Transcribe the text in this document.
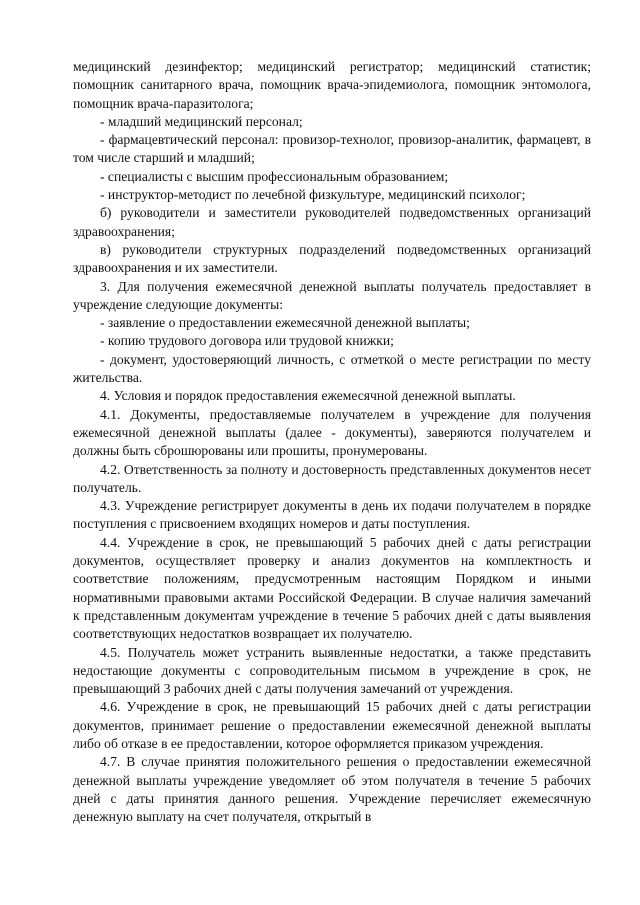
медицинский дезинфектор; медицинский регистратор; медицинский статистик; помощник санитарного врача, помощник врача-эпидемиолога, помощник энтомолога, помощник врача-паразитолога;

- младший медицинский персонал;

- фармацевтический персонал: провизор-технолог, провизор-аналитик, фармацевт, в том числе старший и младший;

- специалисты с высшим профессиональным образованием;

- инструктор-методист по лечебной физкультуре, медицинский психолог;

б) руководители и заместители руководителей подведомственных организаций здравоохранения;

в) руководители структурных подразделений подведомственных организаций здравоохранения и их заместители.

3. Для получения ежемесячной денежной выплаты получатель предоставляет в учреждение следующие документы:

- заявление о предоставлении ежемесячной денежной выплаты;

- копию трудового договора или трудовой книжки;

- документ, удостоверяющий личность, с отметкой о месте регистрации по месту жительства.

4. Условия и порядок предоставления ежемесячной денежной выплаты.

4.1. Документы, предоставляемые получателем в учреждение для получения ежемесячной денежной выплаты (далее - документы), заверяются получателем и должны быть сброшюрованы или прошиты, пронумерованы.

4.2. Ответственность за полноту и достоверность представленных документов несет получатель.

4.3. Учреждение регистрирует документы в день их подачи получателем в порядке поступления с присвоением входящих номеров и даты поступления.

4.4. Учреждение в срок, не превышающий 5 рабочих дней с даты регистрации документов, осуществляет проверку и анализ документов на комплектность и соответствие положениям, предусмотренным настоящим Порядком и иными нормативными правовыми актами Российской Федерации. В случае наличия замечаний к представленным документам учреждение в течение 5 рабочих дней с даты выявления соответствующих недостатков возвращает их получателю.

4.5. Получатель может устранить выявленные недостатки, а также представить недостающие документы с сопроводительным письмом в учреждение в срок, не превышающий 3 рабочих дней с даты получения замечаний от учреждения.

4.6. Учреждение в срок, не превышающий 15 рабочих дней с даты регистрации документов, принимает решение о предоставлении ежемесячной денежной выплаты либо об отказе в ее предоставлении, которое оформляется приказом учреждения.

4.7. В случае принятия положительного решения о предоставлении ежемесячной денежной выплаты учреждение уведомляет об этом получателя в течение 5 рабочих дней с даты принятия данного решения. Учреждение перечисляет ежемесячную денежную выплату на счет получателя, открытый в
